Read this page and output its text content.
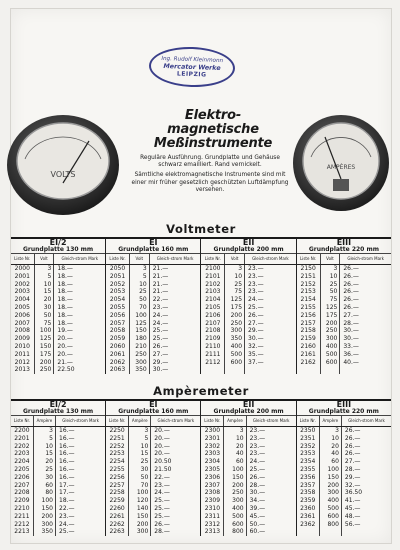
Ing. Rudolf Kleinmonn
Mercator Werke
LEIPZIG
VOLTS
Elektro-magnetische Meßinstrumente

Reguläre Ausführung. Grundplatte und Gehäuse schwarz emailliert. Rand vernickelt.

Sämtliche elektromagnetische Instrumente sind mit einer mir früher gesetzlich geschützten Luftdämpfung versehen.

AMPÈRES
Voltmeter
EI/2
Grundplatte 130 mm			EI
Grundplatte 160 mm			EII
Grundplatte 200 mm			EIII
Grundplatte 220 mm		
Liste Nr.	Volt	Gleich-strom Mark	Liste Nr.	Volt	Gleich-strom Mark	Liste Nr.	Volt	Gleich-strom Mark	Liste Nr.	Volt	Gleich-strom Mark
2000	3	18.—	2050	3	21.—	2100	3	23.—	2150	3	26.—
2001	5	18.—	2051	5	21.—	2101	10	23.—	2151	10	26.—
2002	10	18.—	2052	10	21.—	2102	25	23.—	2152	25	26.—
2003	15	18.—	2053	25	21.—	2103	75	23.—	2153	50	26.—
2004	20	18.—	2054	50	22.—	2104	125	24.—	2154	75	26.—
2005	30	18.—	2055	70	23.—	2105	175	25.—	2155	125	26.—
2006	50	18.—	2056	100	24.—	2106	200	26.—	2156	175	27.—
2007	75	18.—	2057	125	24.—	2107	250	27.—	2157	200	28.—
2008	100	19.—	2058	150	25.—	2108	300	29.—	2158	250	30.—
2009	125	20.—	2059	180	25.—	2109	350	30.—	2159	300	30.—
2010	150	20.—	2060	210	26.—	2110	400	32.—	2160	400	33.—
2011	175	20.—	2061	250	27.—	2111	500	35.—	2161	500	36.—
2012	200	21.—	2062	300	29.—	2112	600	37.—	2162	600	40.—
2013	250	22.50	2063	350	30.—						
Ampèremeter
EI/2
Grundplatte 130 mm			EI
Grundplatte 160 mm			EII
Grundplatte 200 mm			EIII
Grundplatte 220 mm		
Liste Nr.	Ampère	Gleich-strom Mark	Liste Nr.	Ampère	Gleich-strom Mark	Liste Nr.	Ampère	Gleich-strom Mark	Liste Nr.	Ampère	Gleich-strom Mark
2200	3	16.—	2250	3	20.—	2300	3	23.—	2350	3	26.—
2201	5	16.—	2251	5	20.—	2301	10	23.—	2351	10	26.—
2202	10	16.—	2252	10	20.—	2302	20	23.—	2352	20	26.—
2203	15	16.—	2253	15	20.—	2303	40	23.—	2353	40	26.—
2204	20	16.—	2254	25	20.50	2304	60	24.—	2354	60	27.—
2205	25	16.—	2255	30	21.50	2305	100	25.—	2355	100	28.—
2206	30	16.—	2256	50	22.—	2306	150	26.—	2356	150	29.—
2207	60	17.—	2257	70	23.—	2307	200	28.—	2357	200	32.—
2208	80	17.—	2258	100	24.—	2308	250	30.—	2358	300	36.50
2209	100	18.—	2259	120	25.—	2309	300	34.—	2359	400	41.—
2210	150	22.—	2260	140	25.—	2310	400	39.—	2360	500	45.—
2211	200	23.—	2261	150	25.—	2311	500	45.—	2361	600	48.—
2212	300	24.—	2262	200	26.—	2312	600	50.—	2362	800	56.—
2213	350	25.—	2263	300	28.—	2313	800	60.—			
